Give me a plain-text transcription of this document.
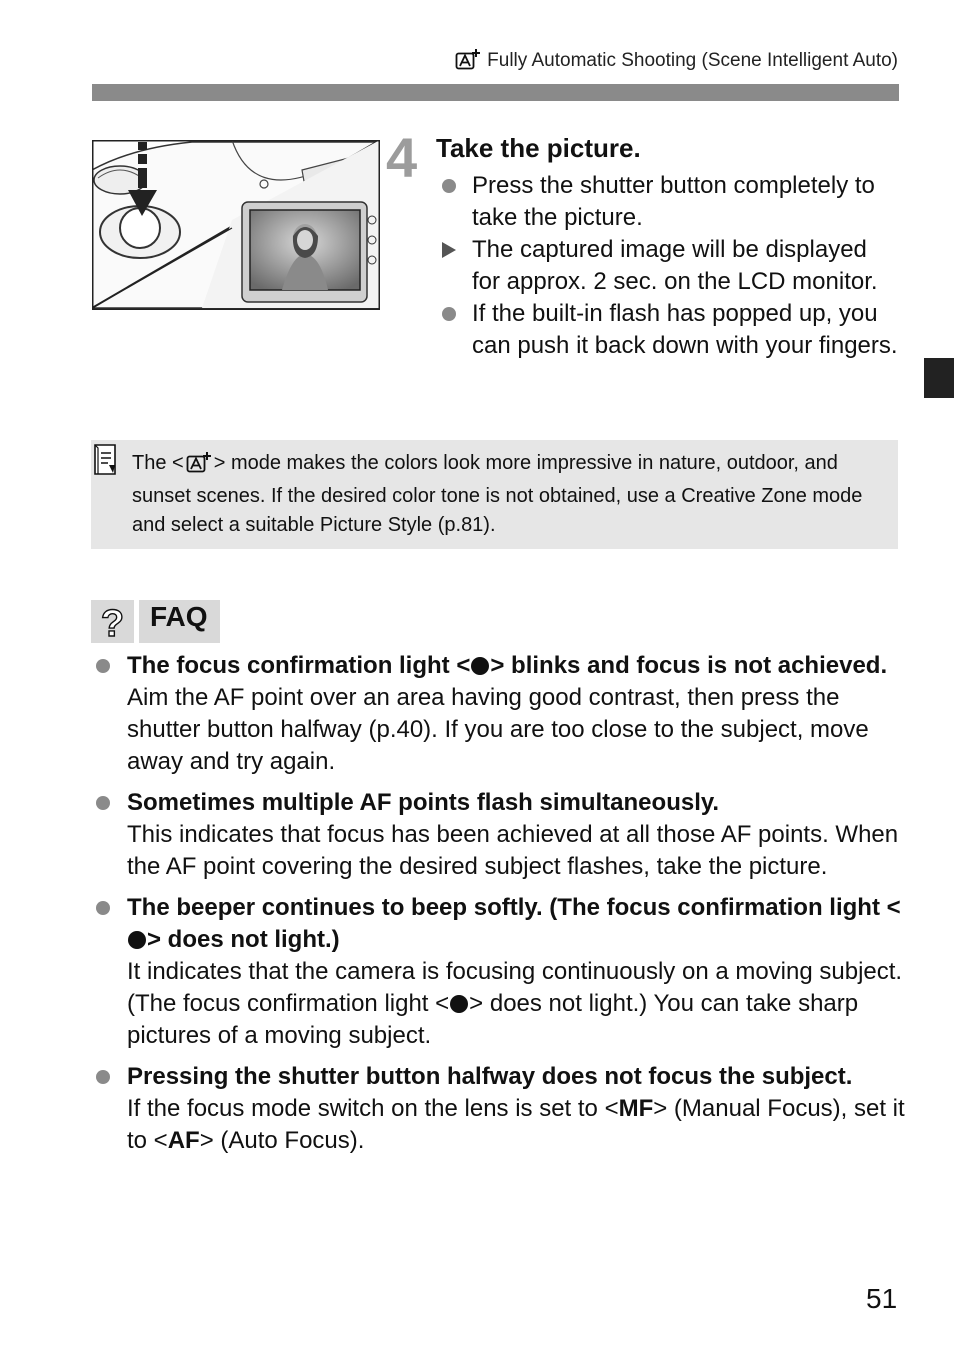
Fully Automatic Shooting (Scene Intelligent Auto)
4 Take the picture.
Press the shutter button completely to take the picture.
The captured image will be displayed for approx. 2 sec. on the LCD monitor.
If the built-in flash has popped up, you can push it back down with your fingers.
The < > mode makes the colors look more impressive in nature, outdoor, and sunset scenes. If the desired color tone is not obtained, use a Creative Zone mode and select a suitable Picture Style (p.81).
? FAQ
The focus confirmation light < > blinks and focus is not achieved.
Aim the AF point over an area having good contrast, then press the shutter button halfway (p.40). If you are too close to the subject, move away and try again.
Sometimes multiple AF points flash simultaneously.
This indicates that focus has been achieved at all those AF points. When the AF point covering the desired subject flashes, take the picture.
The beeper continues to beep softly. (The focus confirmation light <> does not light.)
It indicates that the camera is focusing continuously on a moving subject. (The focus confirmation light < > does not light.) You can take sharp pictures of a moving subject.
Pressing the shutter button halfway does not focus the subject.
If the focus mode switch on the lens is set to <MF> (Manual Focus), set it to <AF> (Auto Focus).
51
